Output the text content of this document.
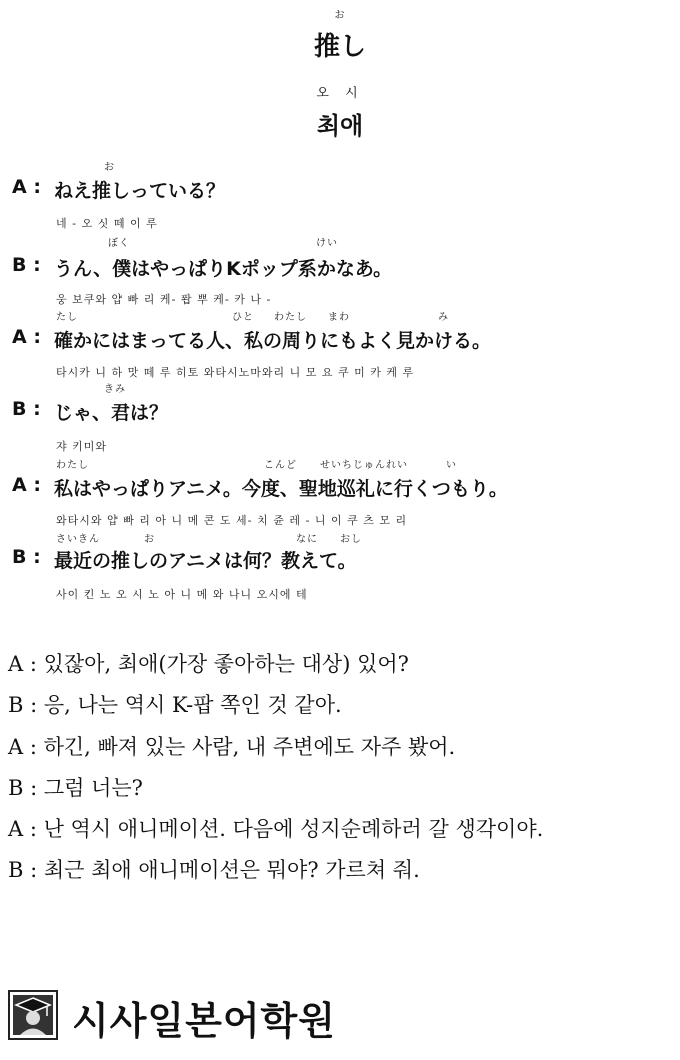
お
推し
오 시
최애
お
A : ねえ推しっている？
네 - 오 싯 떼 이 루
ぼく	けい
B : うん、僕はやっぱりKポップ系かなあ。
웅 보쿠와 얍 빠 리 케- 퐙 뿌 케- 카 나 -
たし	ひと わたし まわ	み
A : 確かにはまってる人、私の周りにもよく見かける。
타시카 니 하 맛 떼 루 히토 와타시노마와리 니 모 요 쿠 미 카 케 루
きみ
B : じゃ、君は？
쟈 키미와
わたし	こんど せいちじゅんれい	い
A : 私はやっぱりアニメ。今度、聖地巡礼に行くつもり。
와타시와 얍 빠 리 아 니 메 콘 도 세- 치 쥰 레 - 니 이 쿠 츠 모 리
さいきん	お	なに おし
B : 最近の推しのアニメは何？教えて。
사이 킨 노 오 시 노 아 니 메 와 나니 오시에 테
A : 있잖아, 최애(가장 좋아하는 대상) 있어?
B : 응, 나는 역시 K-팝 쪽인 것 같아.
A : 하긴, 빠져 있는 사람, 내 주변에도 자주 봤어.
B : 그럼 너는?
A : 난 역시 애니메이션. 다음에 성지순례하러 갈 생각이야.
B : 최근 최애 애니메이션은 뭐야? 가르쳐 줘.
시사일본어학원
